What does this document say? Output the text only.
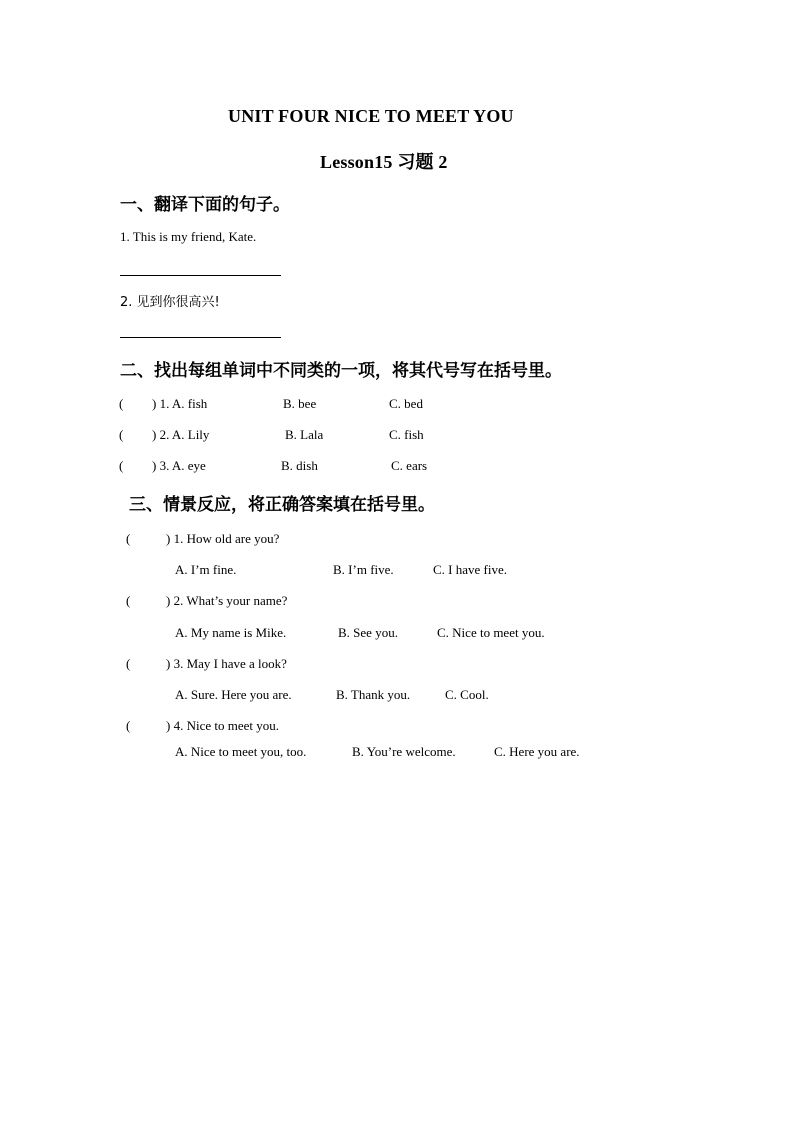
UNIT FOUR NICE TO MEET YOU
Lesson15 习题 2
一、翻译下面的句子。
1. This is my friend, Kate.
2. 见到你很高兴!
二、找出每组单词中不同类的一项，将其代号写在括号里。
( ) 1. A. fish	B. bee	C. bed
( ) 2. A. Lily	B. Lala	C. fish
( ) 3. A. eye	B. dish	C. ears
三、情景反应，将正确答案填在括号里。
(	) 1. How old are you?
A. I’m fine.	B. I’m five.	C. I have five.
(	) 2. What’s your name?
A. My name is Mike.	B. See you.	C. Nice to meet you.
(	) 3. May I have a look?
A. Sure. Here you are.	B. Thank you.	C. Cool.
(	) 4. Nice to meet you.
A. Nice to meet you, too.	B. You’re welcome.	C. Here you are.
